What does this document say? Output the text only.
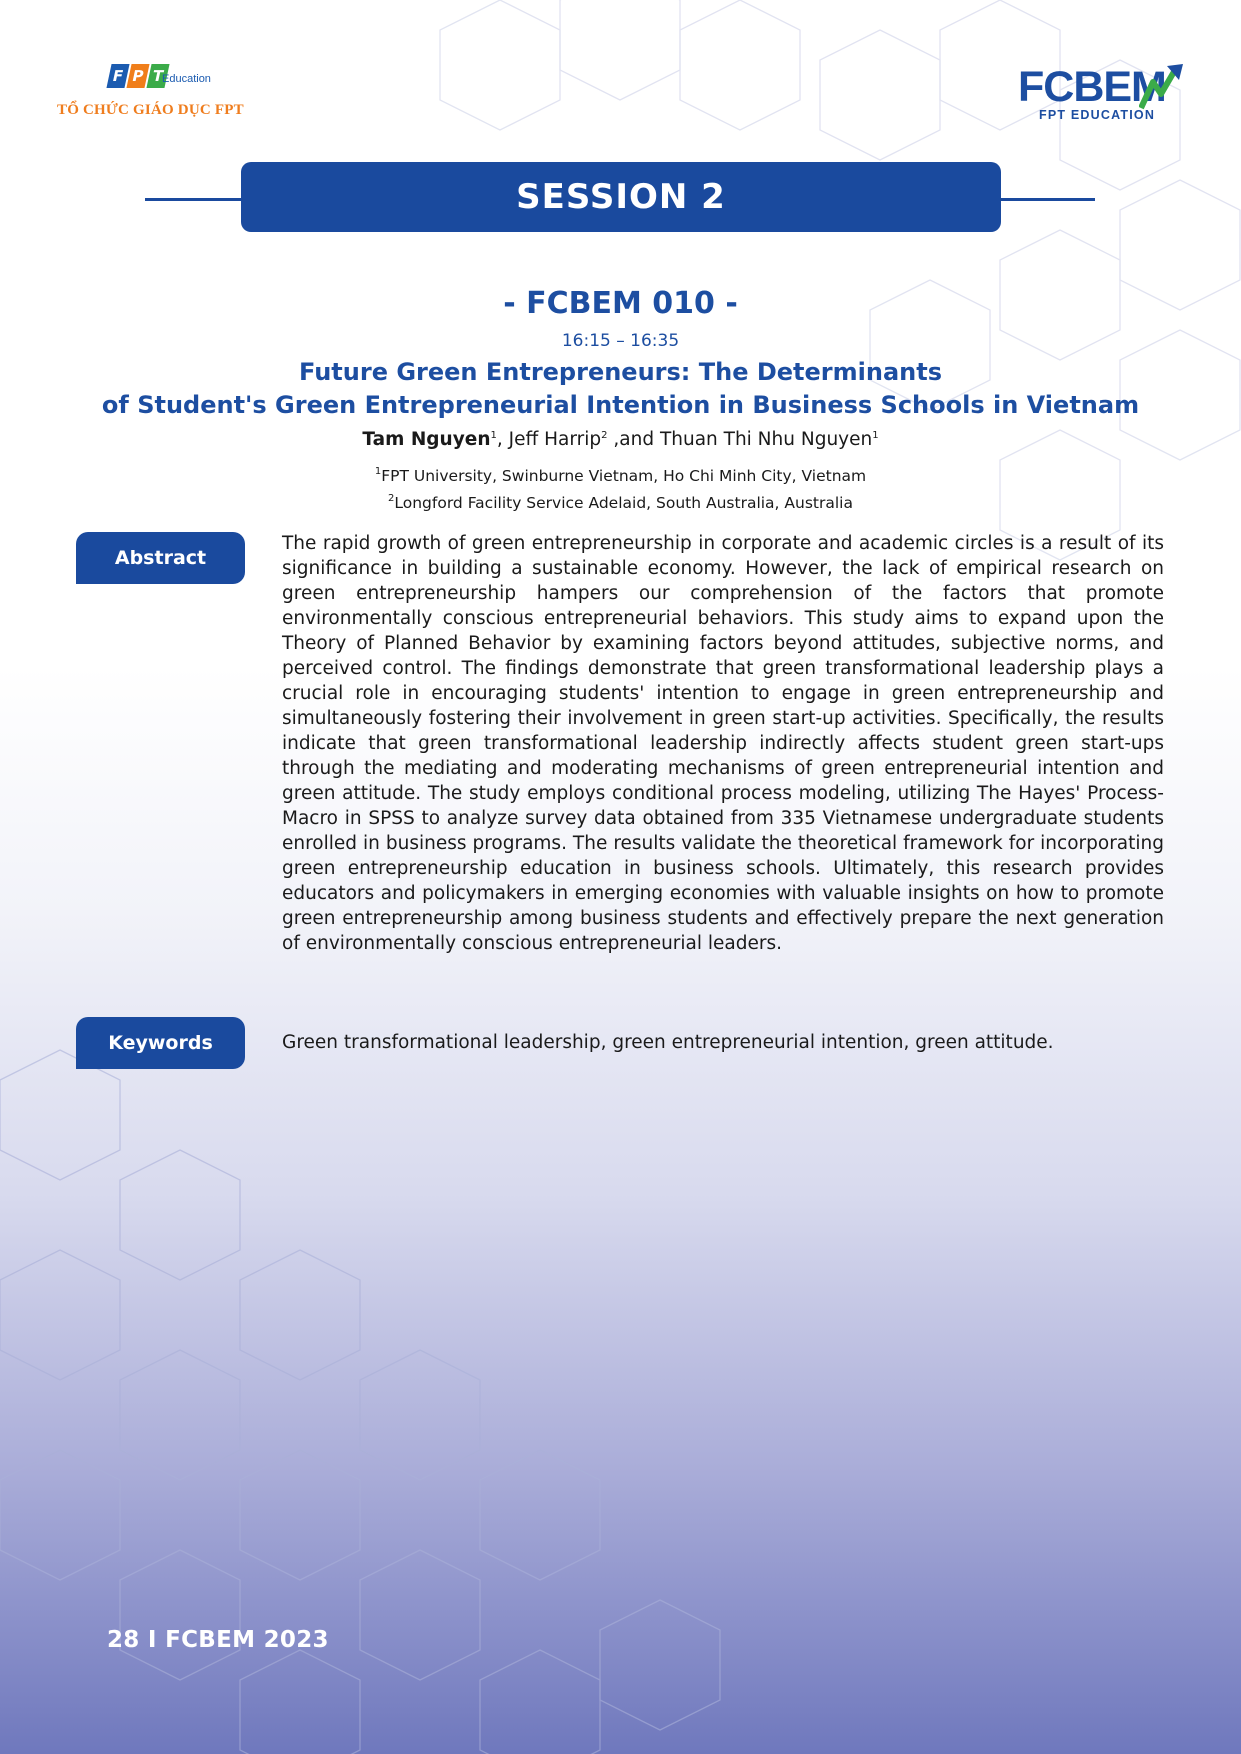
F P T
Education
TỔ CHỨC GIÁO DỤC FPT	FCBEM
FPT EDUCATION
SESSION 2
- FCBEM 010 -
16:15 – 16:35
Future Green Entrepreneurs: The Determinants
of Student's Green Entrepreneurial Intention in Business Schools in Vietnam
Tam Nguyen$^1$, Jeff Harrip$^2$ ,and Thuan Thi Nhu Nguyen$^1$
$^1$FPT University, Swinburne Vietnam, Ho Chi Minh City, Vietnam
$^2$Longford Facility Service Adelaid, South Australia, Australia
Abstract
The rapid growth of green entrepreneurship in corporate and academic circles is a result of its significance in building a sustainable economy. However, the lack of empirical research on green entrepreneurship hampers our comprehension of the factors that promote environmentally conscious entrepreneurial behaviors. This study aims to expand upon the Theory of Planned Behavior by examining factors beyond attitudes, subjective norms, and perceived control. The findings demonstrate that green transformational leadership plays a crucial role in encouraging students' intention to engage in green entrepreneurship and simultaneously fostering their involvement in green start-up activities. Specifically, the results indicate that green transformational leadership indirectly affects student green start-ups through the mediating and moderating mechanisms of green entrepreneurial intention and green attitude. The study employs conditional process modeling, utilizing The Hayes' Process-Macro in SPSS to analyze survey data obtained from 335 Vietnamese undergraduate students enrolled in business programs. The results validate the theoretical framework for incorporating green entrepreneurship education in business schools. Ultimately, this research provides educators and policymakers in emerging economies with valuable insights on how to promote green entrepreneurship among business students and effectively prepare the next generation of environmentally conscious entrepreneurial leaders.
Keywords	Green transformational leadership, green entrepreneurial intention, green attitude.
28 I FCBEM 2023
